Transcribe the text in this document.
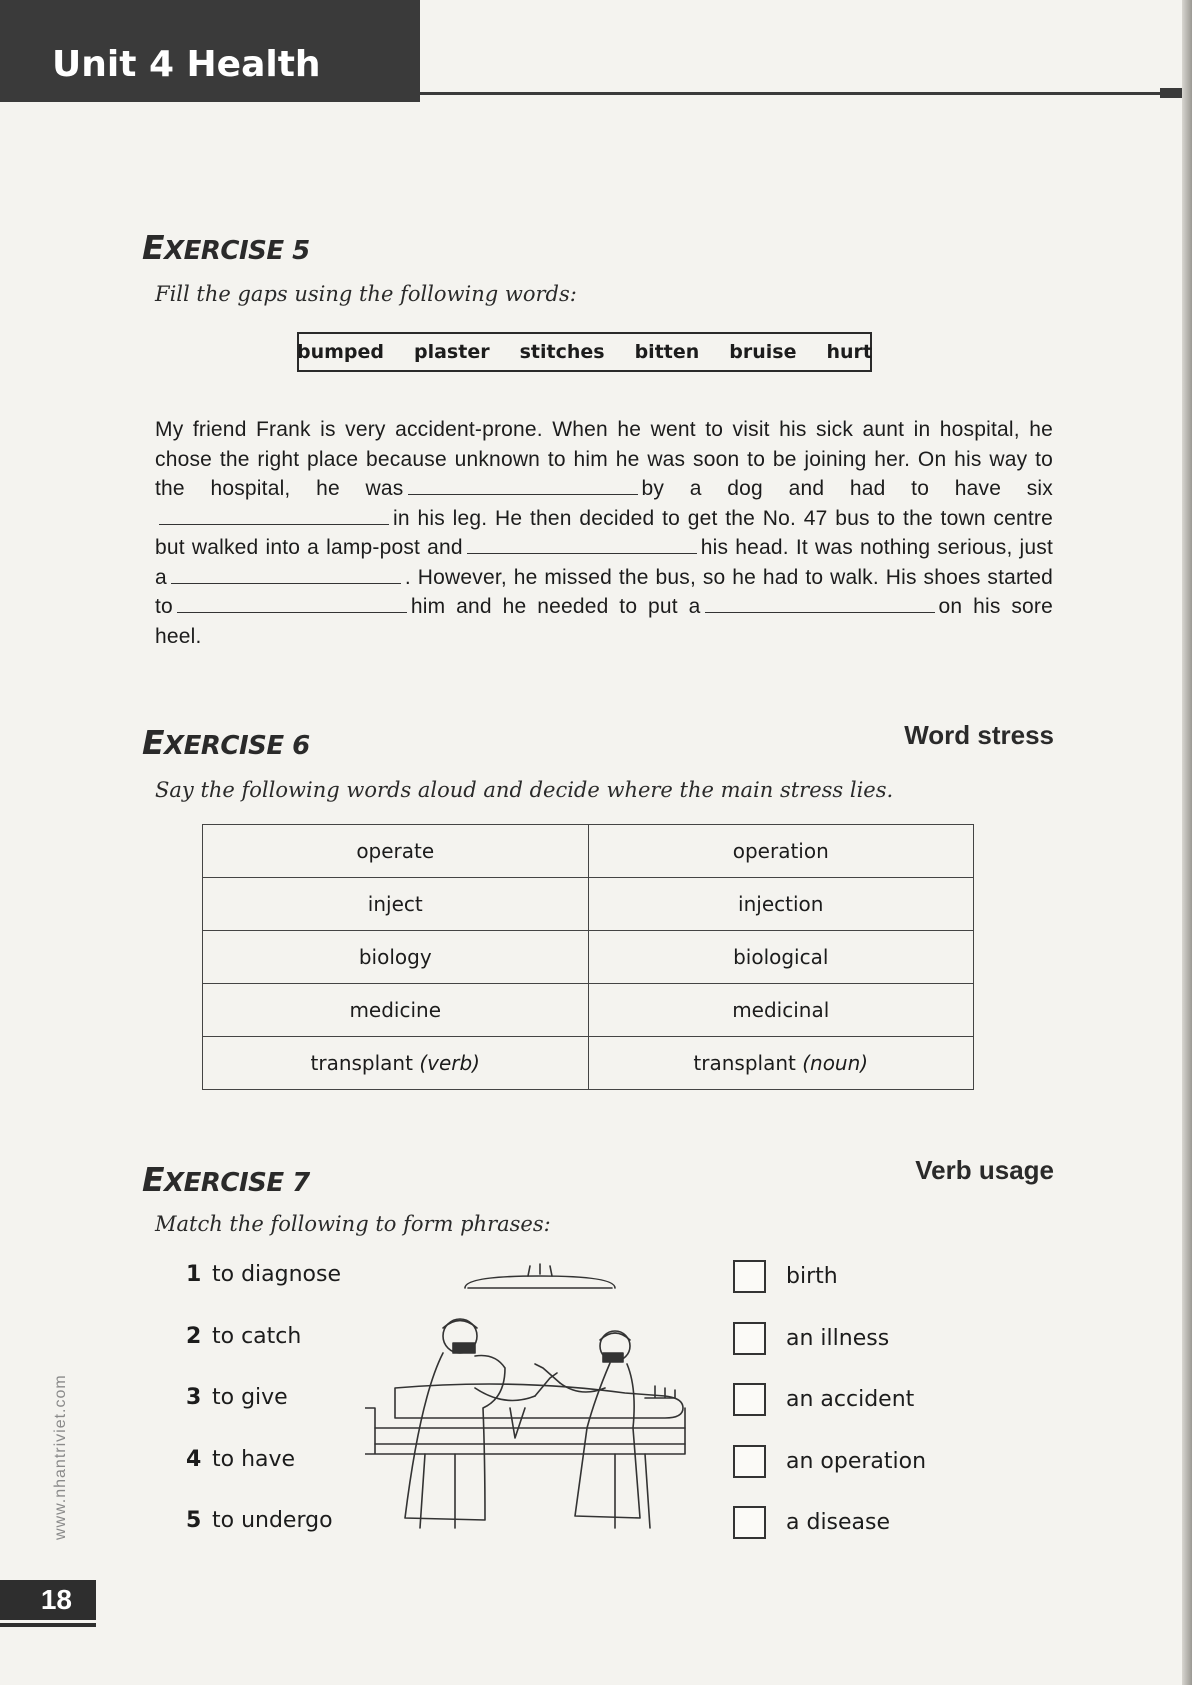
Unit 4 Health
EXERCISE 5
Fill the gaps using the following words:
bumped plaster stitches bitten bruise hurt

My friend Frank is very accident-prone. When he went to visit his sick aunt in hospital, he chose the right place because unknown to him he was soon to be joining her. On his way to the hospital, he was	by a dog and had to have sixin his leg. He then decided to get the No. 47 bus to the town centre but walked into a lamp-post and	his head. It was nothing serious, just a	. However, he missed the bus, so he had to walk. His shoes started to	him and he needed to put a	on his sore heel.

EXERCISE 6	Word stress
Say the following words aloud and decide where the main stress lies.
operate	operation
inject	injection
biology	biological
medicine	medicinal
transplant (verb)	transplant (noun)
EXERCISE 7	Verb usage
Match the following to form phrases:
1 to diagnose
2 to catch
3 to give
4 to have
5 to undergo
birth
an illness
an accident
an operation
a disease
www.nhantriviet.com
18
